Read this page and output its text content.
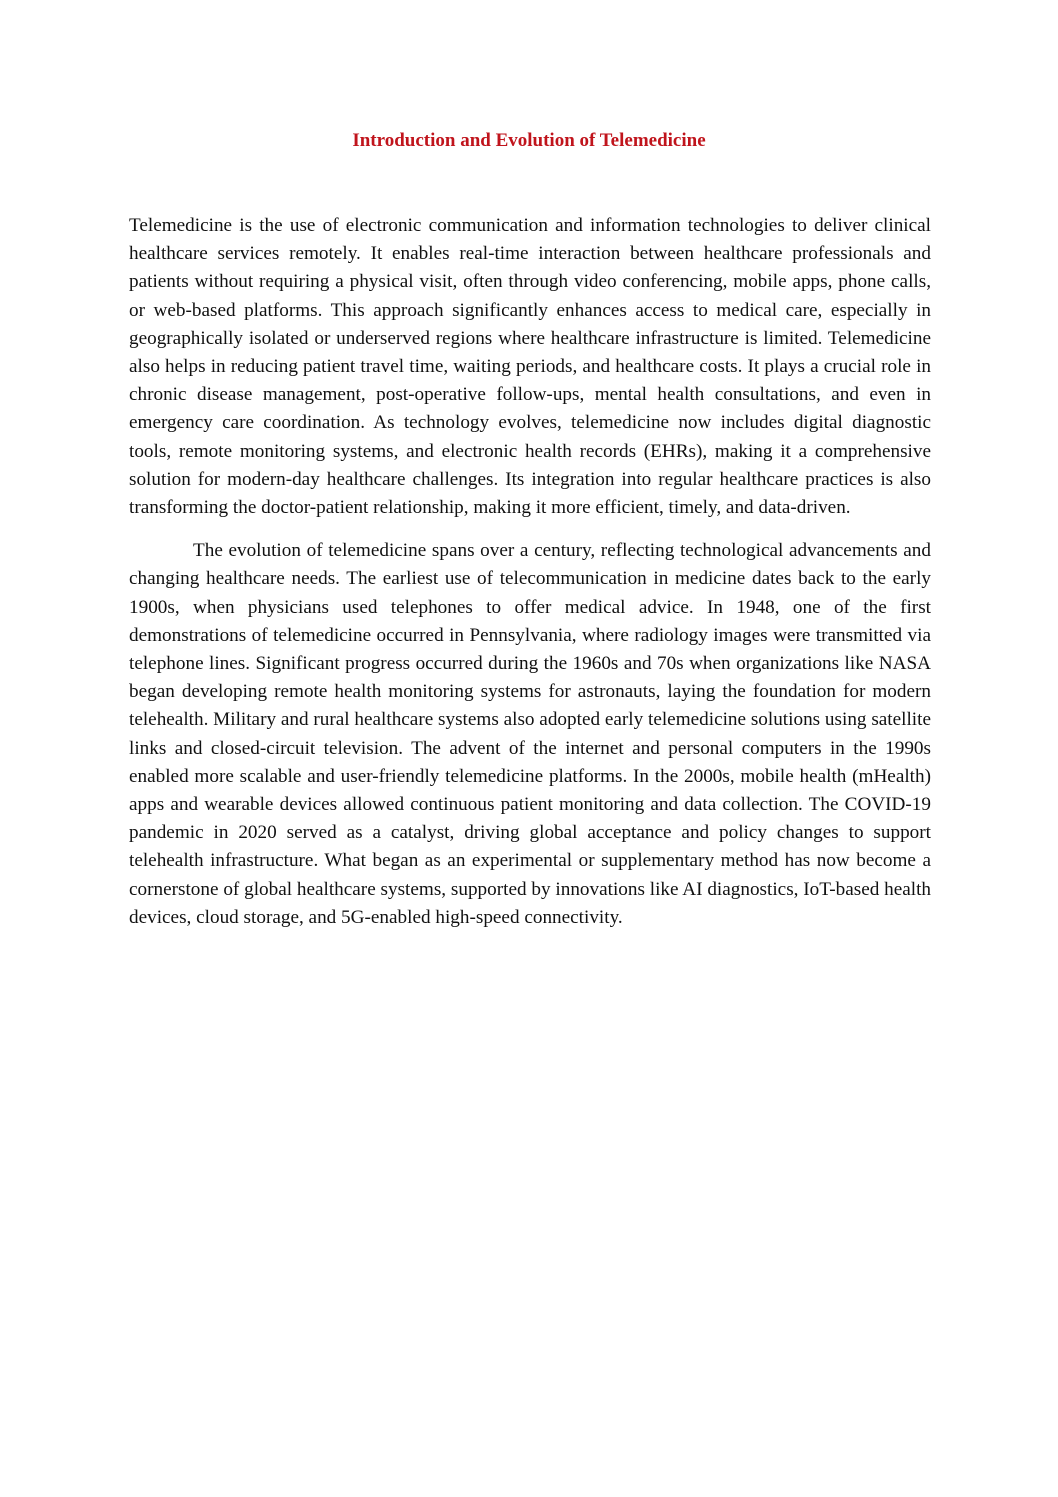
Introduction and Evolution of Telemedicine

Telemedicine is the use of electronic communication and information technologies to deliver clinical healthcare services remotely. It enables real-time interaction between healthcare professionals and patients without requiring a physical visit, often through video conferencing, mobile apps, phone calls, or web-based platforms. This approach significantly enhances access to medical care, especially in geographically isolated or underserved regions where healthcare infrastructure is limited. Telemedicine also helps in reducing patient travel time, waiting periods, and healthcare costs. It plays a crucial role in chronic disease management, post-operative follow-ups, mental health consultations, and even in emergency care coordination. As technology evolves, telemedicine now includes digital diagnostic tools, remote monitoring systems, and electronic health records (EHRs), making it a comprehensive solution for modern-day healthcare challenges. Its integration into regular healthcare practices is also transforming the doctor-patient relationship, making it more efficient, timely, and data-driven.

The evolution of telemedicine spans over a century, reflecting technological advancements and changing healthcare needs. The earliest use of telecommunication in medicine dates back to the early 1900s, when physicians used telephones to offer medical advice. In 1948, one of the first demonstrations of telemedicine occurred in Pennsylvania, where radiology images were transmitted via telephone lines. Significant progress occurred during the 1960s and 70s when organizations like NASA began developing remote health monitoring systems for astronauts, laying the foundation for modern telehealth. Military and rural healthcare systems also adopted early telemedicine solutions using satellite links and closed-circuit television. The advent of the internet and personal computers in the 1990s enabled more scalable and user-friendly telemedicine platforms. In the 2000s, mobile health (mHealth) apps and wearable devices allowed continuous patient monitoring and data collection. The COVID-19 pandemic in 2020 served as a catalyst, driving global acceptance and policy changes to support telehealth infrastructure. What began as an experimental or supplementary method has now become a cornerstone of global healthcare systems, supported by innovations like AI diagnostics, IoT-based health devices, cloud storage, and 5G-enabled high-speed connectivity.
